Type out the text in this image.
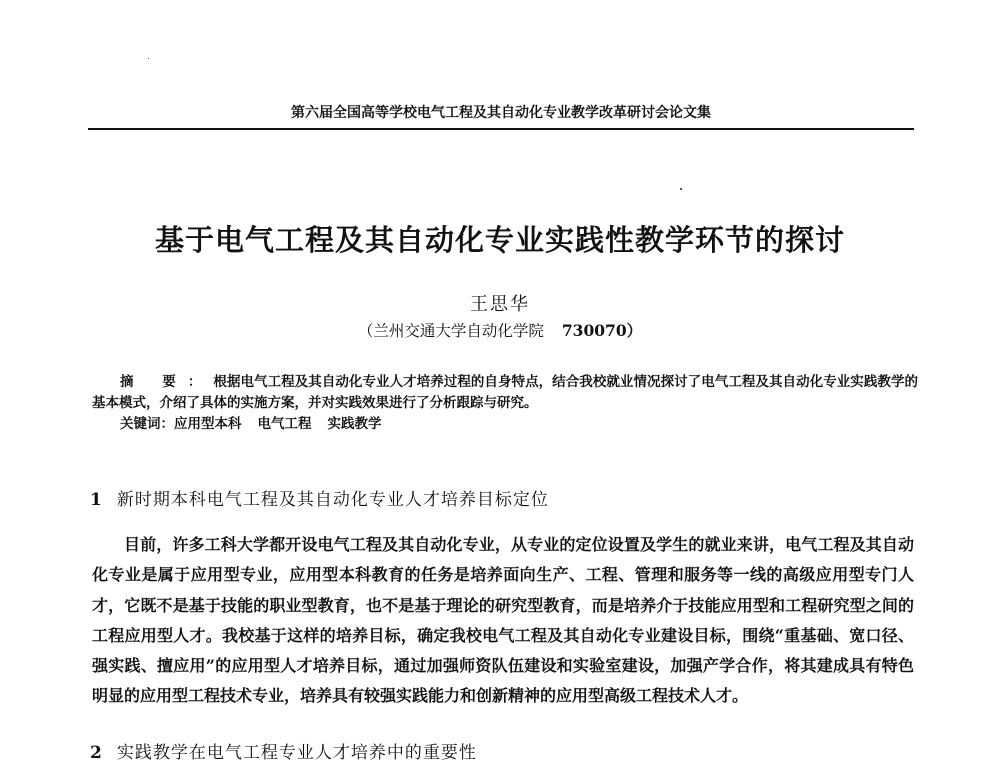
第六届全国高等学校电气工程及其自动化专业教学改革研讨会论文集
基于电气工程及其自动化专业实践性教学环节的探讨
王思华
（兰州交通大学自动化学院 730070）
摘 要：根据电气工程及其自动化专业人才培养过程的自身特点，结合我校就业情况探讨了电气工程及其自动化专业实践教学的基本模式，介绍了具体的实施方案，并对实践效果进行了分析跟踪与研究。
关键词：应用型本科 电气工程 实践教学
1 新时期本科电气工程及其自动化专业人才培养目标定位
目前，许多工科大学都开设电气工程及其自动化专业，从专业的定位设置及学生的就业来讲，电气工程及其自动化专业是属于应用型专业，应用型本科教育的任务是培养面向生产、工程、管理和服务等一线的高级应用型专门人才，它既不是基于技能的职业型教育，也不是基于理论的研究型教育，而是培养介于技能应用型和工程研究型之间的工程应用型人才。我校基于这样的培养目标，确定我校电气工程及其自动化专业建设目标，围绕“重基础、宽口径、强实践、擅应用”的应用型人才培养目标，通过加强师资队伍建设和实验室建设，加强产学合作，将其建成具有特色明显的应用型工程技术专业，培养具有较强实践能力和创新精神的应用型高级工程技术人才。
2 实践教学在电气工程专业人才培养中的重要性
